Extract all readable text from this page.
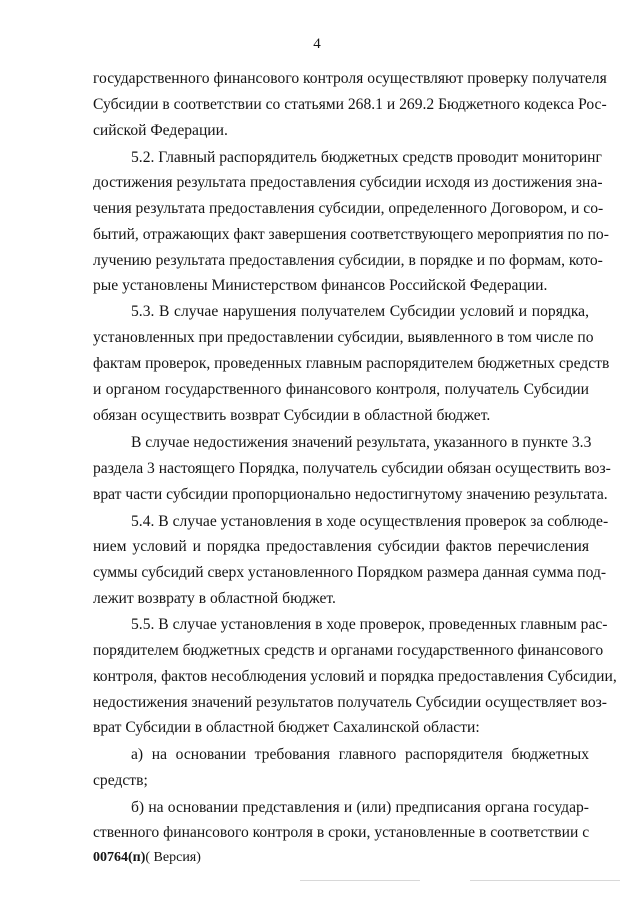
4
государственного финансового контроля осуществляют проверку получателя
Субсидии в соответствии со статьями 268.1 и 269.2 Бюджетного кодекса Рос-
сийской Федерации.
5.2. Главный распорядитель бюджетных средств проводит мониторинг
достижения результата предоставления субсидии исходя из достижения зна-
чения результата предоставления субсидии, определенного Договором, и со-
бытий, отражающих факт завершения соответствующего мероприятия по по-
лучению результата предоставления субсидии, в порядке и по формам, кото-
рые установлены Министерством финансов Российской Федерации.
5.3. В случае нарушения получателем Субсидии условий и порядка,
установленных при предоставлении субсидии, выявленного в том числе по
фактам проверок, проведенных главным распорядителем бюджетных средств
и органом государственного финансового контроля, получатель Субсидии
обязан осуществить возврат Субсидии в областной бюджет.
В случае недостижения значений результата, указанного в пункте 3.3
раздела 3 настоящего Порядка, получатель субсидии обязан осуществить воз-
врат части субсидии пропорционально недостигнутому значению результата.
5.4. В случае установления в ходе осуществления проверок за соблюде-
нием условий и порядка предоставления субсидии фактов перечисления
суммы субсидий сверх установленного Порядком размера данная сумма под-
лежит возврату в областной бюджет.
5.5. В случае установления в ходе проверок, проведенных главным рас-
порядителем бюджетных средств и органами государственного финансового
контроля, фактов несоблюдения условий и порядка предоставления Субсидии,
недостижения значений результатов получатель Субсидии осуществляет воз-
врат Субсидии в областной бюджет Сахалинской области:
а) на основании требования главного распорядителя бюджетных
средств;
б) на основании представления и (или) предписания органа государ-
ственного финансового контроля в сроки, установленные в соответствии с
00764(п)( Версия)
